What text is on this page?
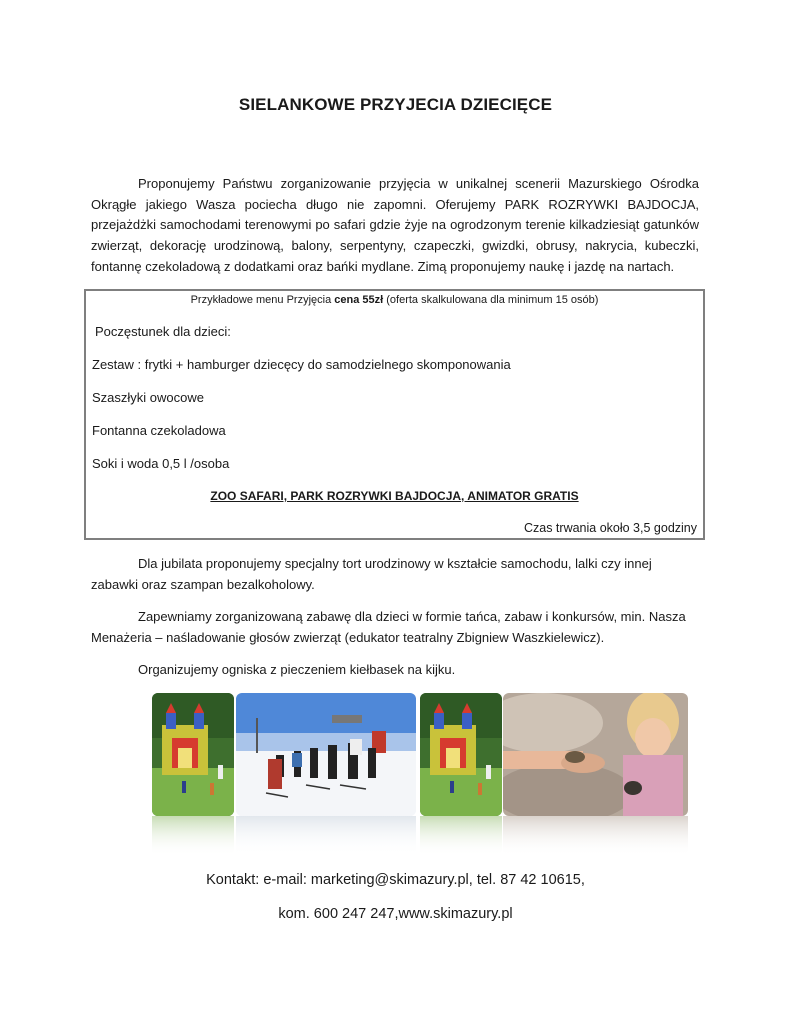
SIELANKOWE PRZYJECIA DZIECIĘCE
Proponujemy Państwu zorganizowanie przyjęcia w unikalnej scenerii Mazurskiego Ośrodka Okrągłe jakiego Wasza pociecha długo nie zapomni. Oferujemy PARK ROZRYWKI BAJDOCJA, przejażdżki samochodami terenowymi po safari gdzie żyje na ogrodzonym terenie kilkadziesiąt gatunków zwierząt, dekorację urodzinową, balony, serpentyny, czapeczki, gwizdki, obrusy, nakrycia, kubeczki, fontannę czekoladową z dodatkami oraz bańki mydlane. Zimą proponujemy naukę i jazdę na nartach.
Przykładowe menu Przyjęcia cena 55zł (oferta skalkulowana dla minimum 15 osób)
Poczęstunek dla dzieci:
Zestaw : frytki + hamburger dziecęcy do samodzielnego skomponowania
Szaszłyki owocowe
Fontanna czekoladowa
Soki i woda 0,5 l /osoba
ZOO SAFARI, PARK ROZRYWKI BAJDOCJA, ANIMATOR GRATIS
Czas trwania około 3,5 godziny
Dla jubilata proponujemy specjalny tort urodzinowy w kształcie samochodu, lalki czy innej zabawki oraz szampan bezalkoholowy.
Zapewniamy zorganizowaną zabawę dla dzieci w formie tańca, zabaw i konkursów, min. Nasza Menażeria – naśladowanie głosów zwierząt (edukator teatralny Zbigniew Waszkielewicz).
Organizujemy ogniska z pieczeniem kiełbasek na kijku.
Kontakt: e-mail: marketing@skimazury.pl, tel. 87 42 10615,
kom. 600 247 247,www.skimazury.pl
